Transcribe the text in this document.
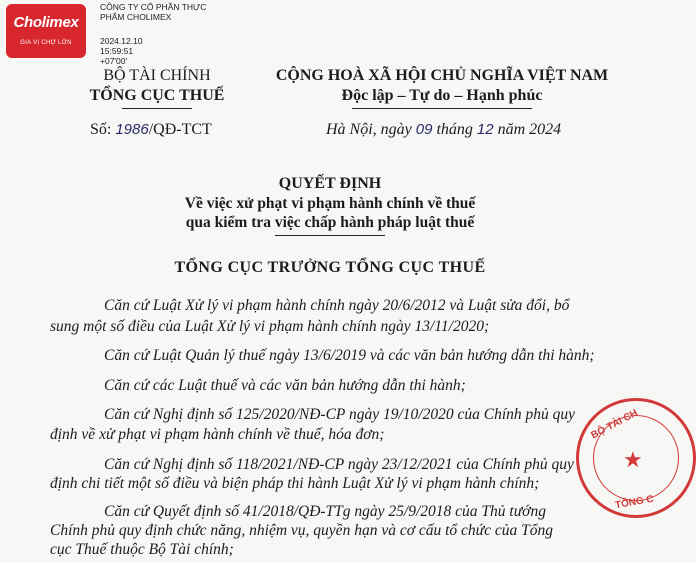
Cholimex
GIA VỊ CHỢ LỚN
CÔNG TY CỔ PHẦN THỰC
PHẨM CHOLIMEX
2024.12.10
15:59:51
+07'00'
BỘ TÀI CHÍNH
TỔNG CỤC THUẾ
CỘNG HOÀ XÃ HỘI CHỦ NGHĨA VIỆT NAM
Độc lập – Tự do – Hạnh phúc
Số: 1986/QĐ-TCT	Hà Nội, ngày 09 tháng 12 năm 2024
QUYẾT ĐỊNH
Về việc xử phạt vi phạm hành chính về thuế
qua kiểm tra việc chấp hành pháp luật thuế
TỔNG CỤC TRƯỞNG TỔNG CỤC THUẾ
Căn cứ Luật Xử lý vi phạm hành chính ngày 20/6/2012 và Luật sửa đổi, bổ
sung một số điều của Luật Xử lý vi phạm hành chính ngày 13/11/2020;
Căn cứ Luật Quản lý thuế ngày 13/6/2019 và các văn bản hướng dẫn thi hành;
Căn cứ các Luật thuế và các văn bản hướng dẫn thi hành;
Căn cứ Nghị định số 125/2020/NĐ-CP ngày 19/10/2020 của Chính phủ quy
định về xử phạt vi phạm hành chính về thuế, hóa đơn;
Căn cứ Nghị định số 118/2021/NĐ-CP ngày 23/12/2021 của Chính phủ quy
định chi tiết một số điều và biện pháp thi hành Luật Xử lý vi phạm hành chính;
Căn cứ Quyết định số 41/2018/QĐ-TTg ngày 25/9/2018 của Thủ tướng
Chính phủ quy định chức năng, nhiệm vụ, quyền hạn và cơ cấu tổ chức của Tổng
cục Thuế thuộc Bộ Tài chính;
BỘ TÀI CH
TỔNG C
★
